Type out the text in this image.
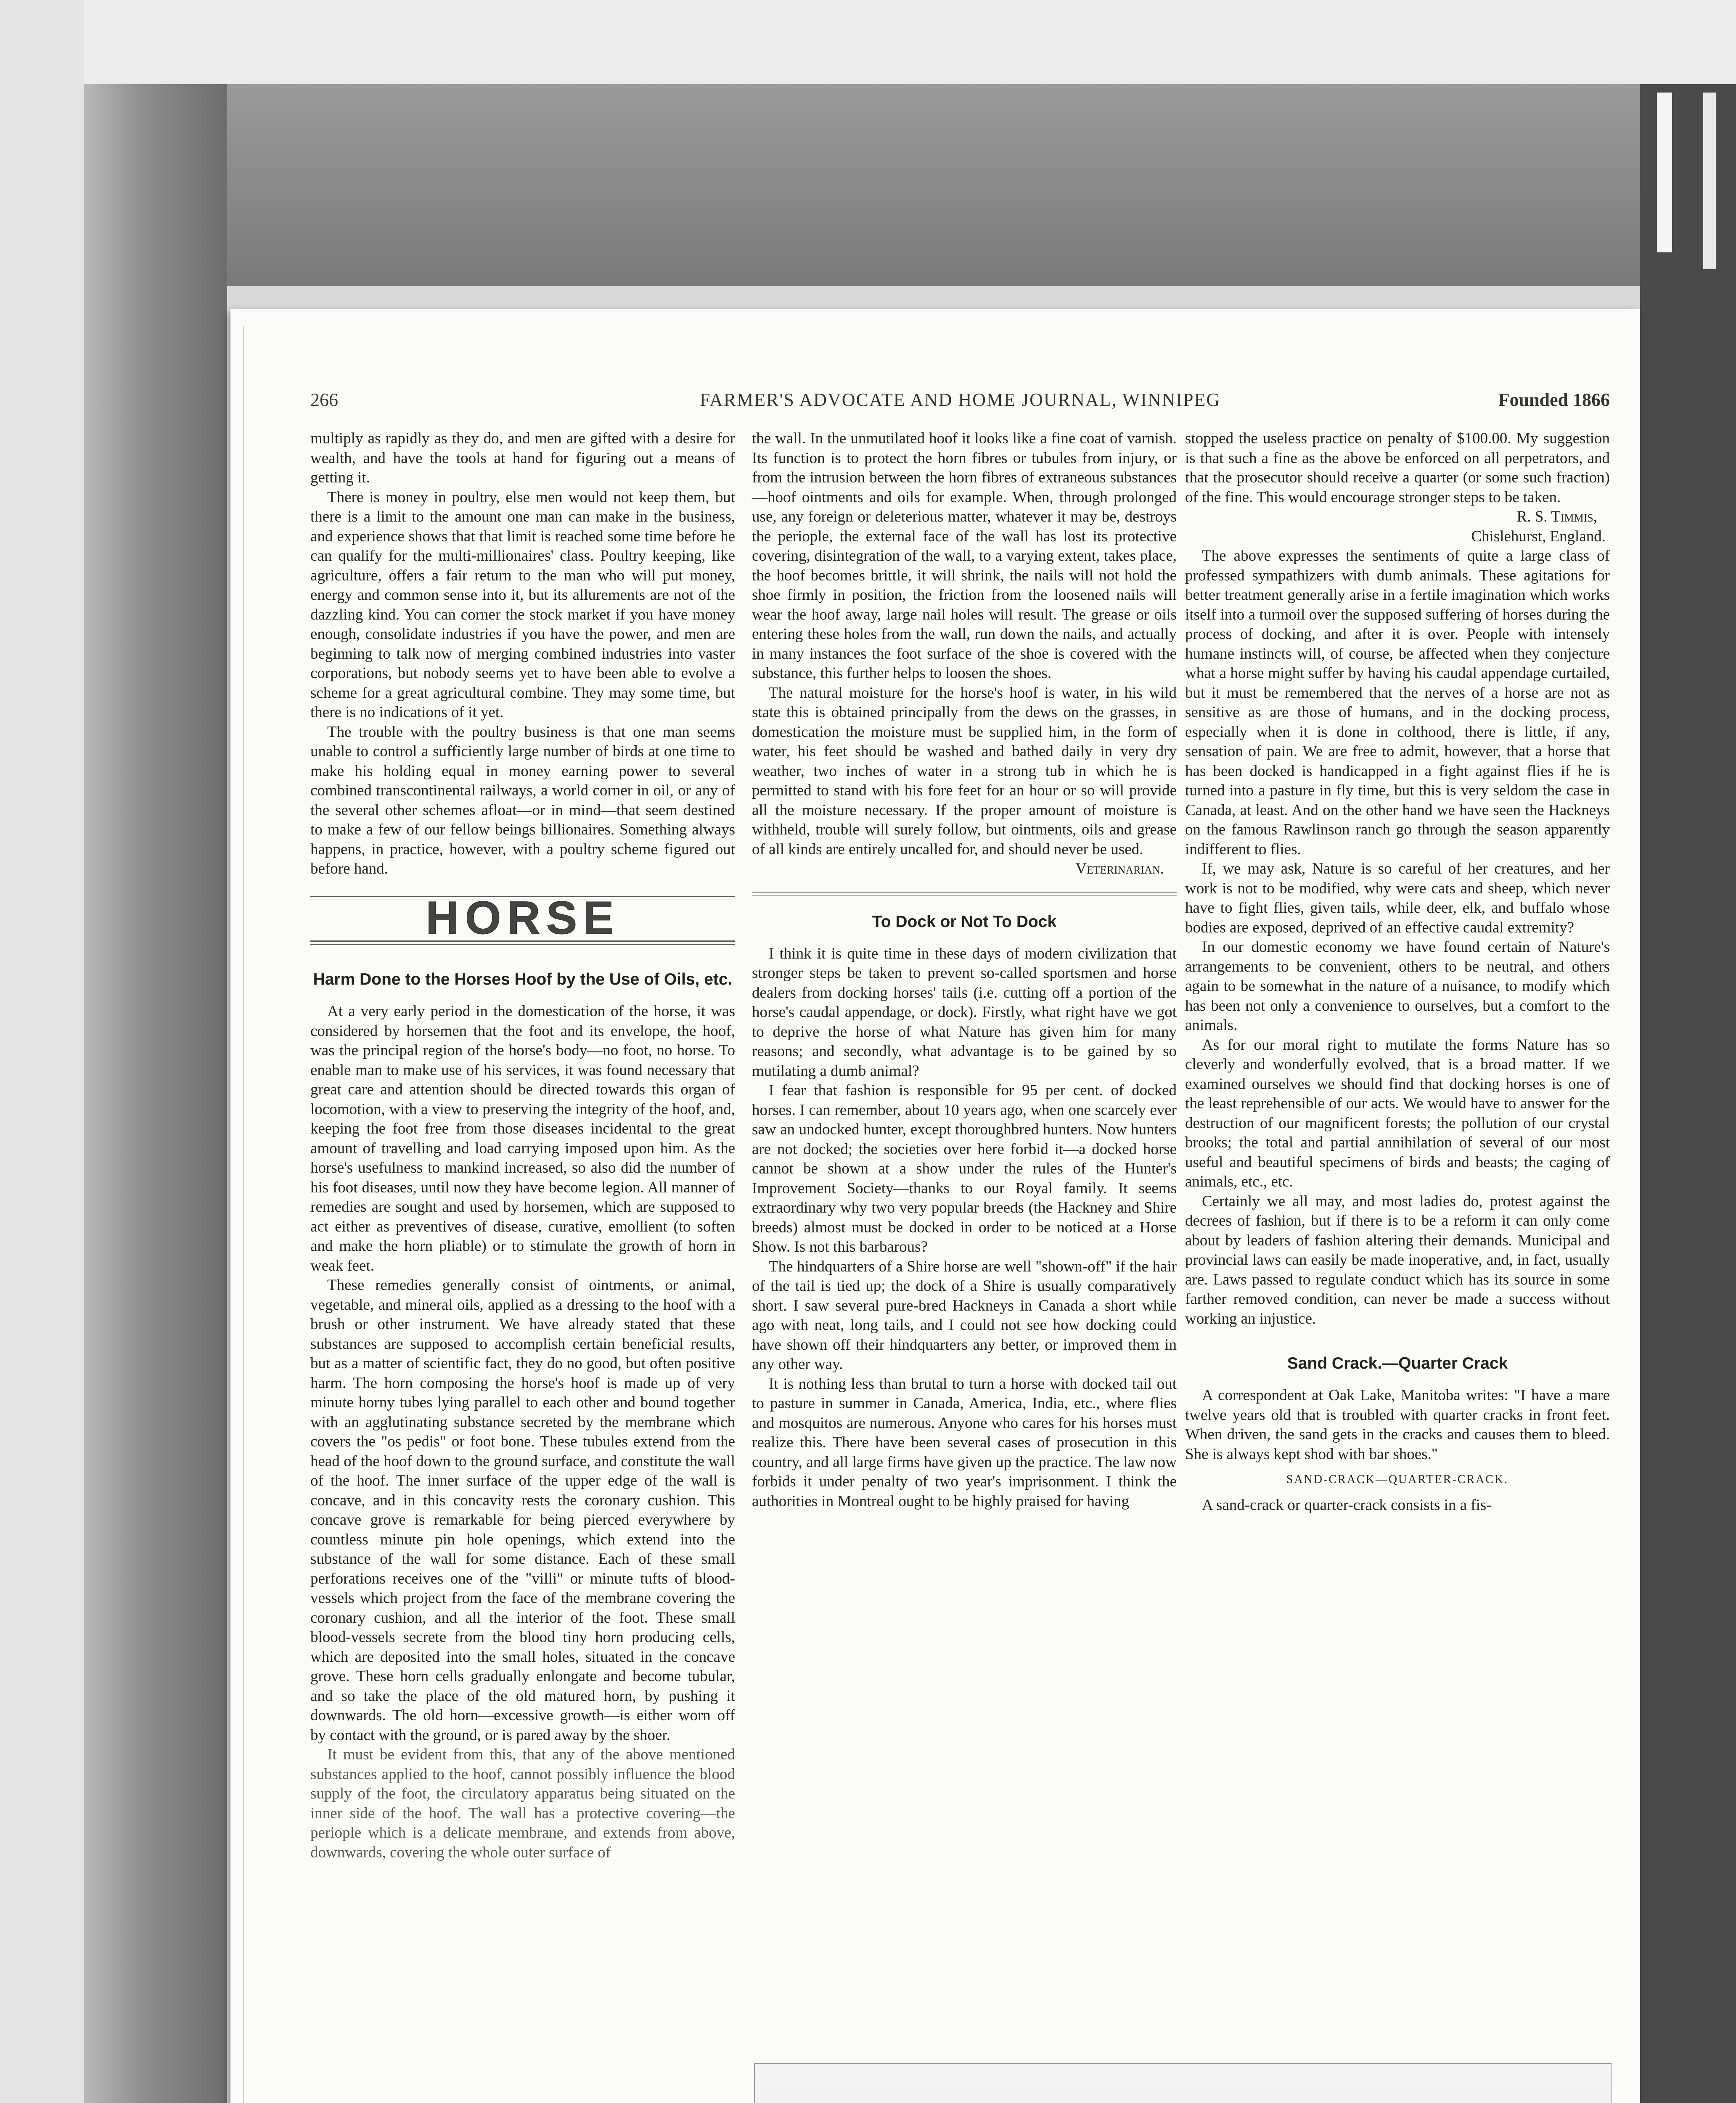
266	FARMER'S ADVOCATE AND HOME JOURNAL, WINNIPEG	Founded 1866

multiply as rapidly as they do, and men are gifted with a desire for wealth, and have the tools at hand for figuring out a means of getting it.

There is money in poultry, else men would not keep them, but there is a limit to the amount one man can make in the business, and experience shows that that limit is reached some time before he can qualify for the multi-millionaires' class. Poultry keeping, like agriculture, offers a fair return to the man who will put money, energy and common sense into it, but its allurements are not of the dazzling kind. You can corner the stock market if you have money enough, consolidate industries if you have the power, and men are beginning to talk now of merging combined industries into vaster corporations, but nobody seems yet to have been able to evolve a scheme for a great agricultural combine. They may some time, but there is no indications of it yet.

The trouble with the poultry business is that one man seems unable to control a sufficiently large number of birds at one time to make his holding equal in money earning power to several combined transcontinental railways, a world corner in oil, or any of the several other schemes afloat—or in mind—that seem destined to make a few of our fellow beings billionaires. Something always happens, in practice, however, with a poultry scheme figured out before hand.

HORSE
Harm Done to the Horses Hoof by the Use of Oils, etc.

At a very early period in the domestication of the horse, it was considered by horsemen that the foot and its envelope, the hoof, was the principal region of the horse's body—no foot, no horse. To enable man to make use of his services, it was found necessary that great care and attention should be directed towards this organ of locomotion, with a view to preserving the integrity of the hoof, and, keeping the foot free from those diseases incidental to the great amount of travelling and load carrying imposed upon him. As the horse's usefulness to mankind increased, so also did the number of his foot diseases, until now they have become legion. All manner of remedies are sought and used by horsemen, which are supposed to act either as preventives of disease, curative, emollient (to soften and make the horn pliable) or to stimulate the growth of horn in weak feet.

These remedies generally consist of ointments, or animal, vegetable, and mineral oils, applied as a dressing to the hoof with a brush or other instrument. We have already stated that these substances are supposed to accomplish certain beneficial results, but as a matter of scientific fact, they do no good, but often positive harm. The horn composing the horse's hoof is made up of very minute horny tubes lying parallel to each other and bound together with an agglutinating substance secreted by the membrane which covers the "os pedis" or foot bone. These tubules extend from the head of the hoof down to the ground surface, and constitute the wall of the hoof. The inner surface of the upper edge of the wall is concave, and in this concavity rests the coronary cushion. This concave grove is remarkable for being pierced everywhere by countless minute pin hole openings, which extend into the substance of the wall for some distance. Each of these small perforations receives one of the "villi" or minute tufts of blood-vessels which project from the face of the membrane covering the coronary cushion, and all the interior of the foot. These small blood-vessels secrete from the blood tiny horn producing cells, which are deposited into the small holes, situated in the concave grove. These horn cells gradually enlongate and become tubular, and so take the place of the old matured horn, by pushing it downwards. The old horn—excessive growth—is either worn off by contact with the ground, or is pared away by the shoer.

It must be evident from this, that any of the above mentioned substances applied to the hoof, cannot possibly influence the blood supply of the foot, the circulatory apparatus being situated on the inner side of the hoof. The wall has a protective covering—the periople which is a delicate membrane, and extends from above, downwards, covering the whole outer surface of

the wall. In the unmutilated hoof it looks like a fine coat of varnish. Its function is to protect the horn fibres or tubules from injury, or from the intrusion between the horn fibres of extraneous substances—hoof ointments and oils for example. When, through prolonged use, any foreign or deleterious matter, whatever it may be, destroys the periople, the external face of the wall has lost its protective covering, disintegration of the wall, to a varying extent, takes place, the hoof becomes brittle, it will shrink, the nails will not hold the shoe firmly in position, the friction from the loosened nails will wear the hoof away, large nail holes will result. The grease or oils entering these holes from the wall, run down the nails, and actually in many instances the foot surface of the shoe is covered with the substance, this further helps to loosen the shoes.

The natural moisture for the horse's hoof is water, in his wild state this is obtained principally from the dews on the grasses, in domestication the moisture must be supplied him, in the form of water, his feet should be washed and bathed daily in very dry weather, two inches of water in a strong tub in which he is permitted to stand with his fore feet for an hour or so will provide all the moisture necessary. If the proper amount of moisture is withheld, trouble will surely follow, but ointments, oils and grease of all kinds are entirely uncalled for, and should never be used.

Veterinarian.
To Dock or Not To Dock

I think it is quite time in these days of modern civilization that stronger steps be taken to prevent so-called sportsmen and horse dealers from docking horses' tails (i.e. cutting off a portion of the horse's caudal appendage, or dock). Firstly, what right have we got to deprive the horse of what Nature has given him for many reasons; and secondly, what advantage is to be gained by so mutilating a dumb animal?

I fear that fashion is responsible for 95 per cent. of docked horses. I can remember, about 10 years ago, when one scarcely ever saw an undocked hunter, except thoroughbred hunters. Now hunters are not docked; the societies over here forbid it—a docked horse cannot be shown at a show under the rules of the Hunter's Improvement Society—thanks to our Royal family. It seems extraordinary why two very popular breeds (the Hackney and Shire breeds) almost must be docked in order to be noticed at a Horse Show. Is not this barbarous?

The hindquarters of a Shire horse are well "shown-off" if the hair of the tail is tied up; the dock of a Shire is usually comparatively short. I saw several pure-bred Hackneys in Canada a short while ago with neat, long tails, and I could not see how docking could have shown off their hindquarters any better, or improved them in any other way.

It is nothing less than brutal to turn a horse with docked tail out to pasture in summer in Canada, America, India, etc., where flies and mosquitos are numerous. Anyone who cares for his horses must realize this. There have been several cases of prosecution in this country, and all large firms have given up the practice. The law now forbids it under penalty of two year's imprisonment. I think the authorities in Montreal ought to be highly praised for having

stopped the useless practice on penalty of $100.00. My suggestion is that such a fine as the above be enforced on all perpetrators, and that the prosecutor should receive a quarter (or some such fraction) of the fine. This would encourage stronger steps to be taken.

R. S. Timmis,
Chislehurst, England.

The above expresses the sentiments of quite a large class of professed sympathizers with dumb animals. These agitations for better treatment generally arise in a fertile imagination which works itself into a turmoil over the supposed suffering of horses during the process of docking, and after it is over. People with intensely humane instincts will, of course, be affected when they conjecture what a horse might suffer by having his caudal appendage curtailed, but it must be remembered that the nerves of a horse are not as sensitive as are those of humans, and in the docking process, especially when it is done in colthood, there is little, if any, sensation of pain. We are free to admit, however, that a horse that has been docked is handicapped in a fight against flies if he is turned into a pasture in fly time, but this is very seldom the case in Canada, at least. And on the other hand we have seen the Hackneys on the famous Rawlinson ranch go through the season apparently indifferent to flies.

If, we may ask, Nature is so careful of her creatures, and her work is not to be modified, why were cats and sheep, which never have to fight flies, given tails, while deer, elk, and buffalo whose bodies are exposed, deprived of an effective caudal extremity?

In our domestic economy we have found certain of Nature's arrangements to be convenient, others to be neutral, and others again to be somewhat in the nature of a nuisance, to modify which has been not only a convenience to ourselves, but a comfort to the animals.

As for our moral right to mutilate the forms Nature has so cleverly and wonderfully evolved, that is a broad matter. If we examined ourselves we should find that docking horses is one of the least reprehensible of our acts. We would have to answer for the destruction of our magnificent forests; the pollution of our crystal brooks; the total and partial annihilation of several of our most useful and beautiful specimens of birds and beasts; the caging of animals, etc., etc.

Certainly we all may, and most ladies do, protest against the decrees of fashion, but if there is to be a reform it can only come about by leaders of fashion altering their demands. Municipal and provincial laws can easily be made inoperative, and, in fact, usually are. Laws passed to regulate conduct which has its source in some farther removed condition, can never be made a success without working an injustice.

Sand Crack.—Quarter Crack

A correspondent at Oak Lake, Manitoba writes: "I have a mare twelve years old that is troubled with quarter cracks in front feet. When driven, the sand gets in the cracks and causes them to bleed. She is always kept shod with bar shoes."

SAND-CRACK—QUARTER-CRACK.

A sand-crack or quarter-crack consists in a fis-
